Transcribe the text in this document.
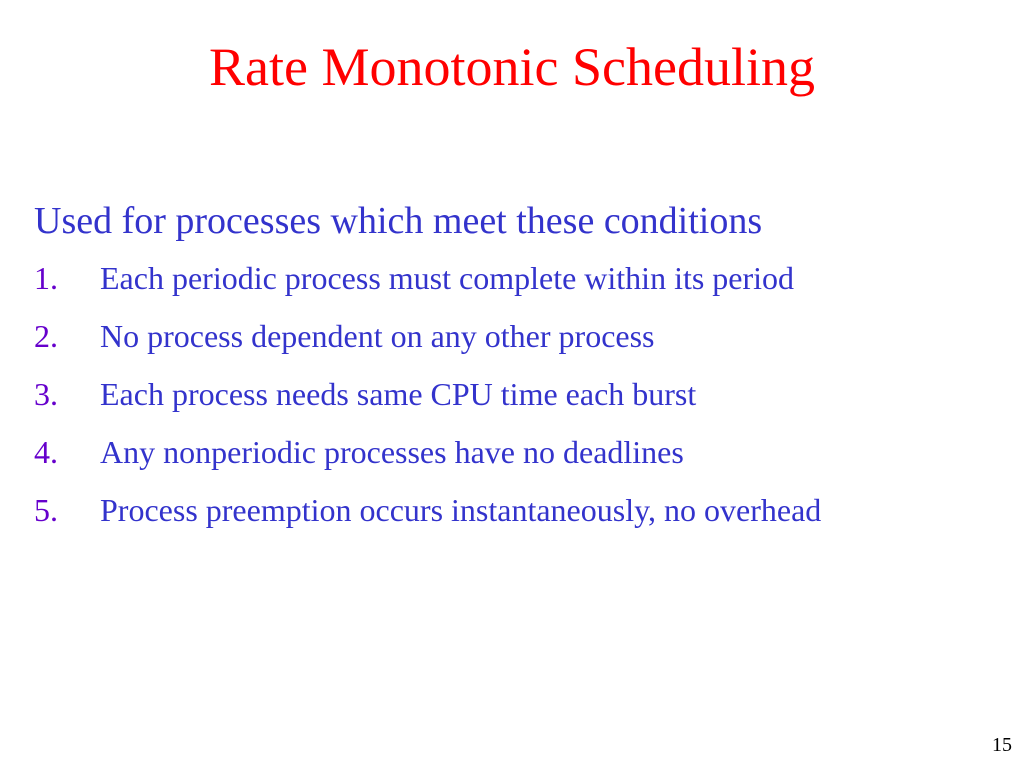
Rate Monotonic Scheduling
Used for processes which meet these conditions
1.	Each periodic process must complete within its period
2.	No process dependent on any other process
3.	Each process needs same CPU time each burst
4.	Any nonperiodic processes have no deadlines
5.	Process preemption occurs instantaneously, no overhead
15
